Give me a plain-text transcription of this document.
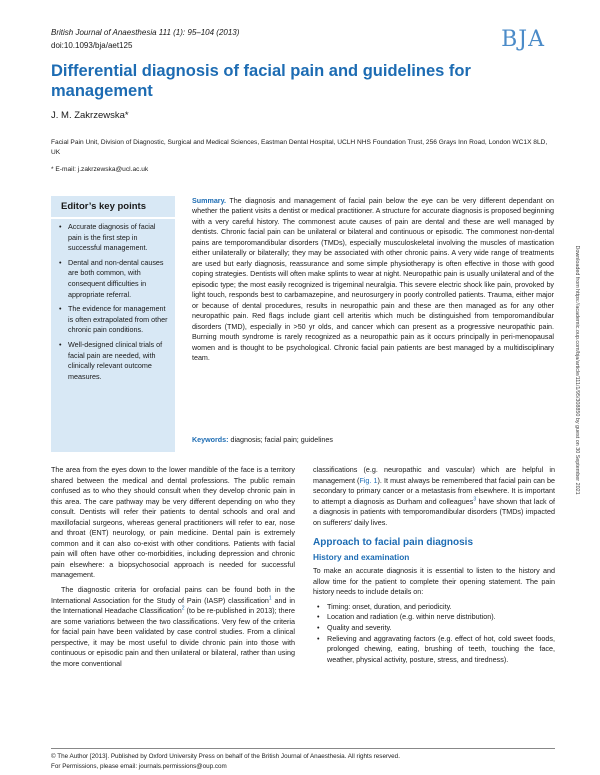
British Journal of Anaesthesia 111 (1): 95–104 (2013)
doi:10.1093/bja/aet125	BJA
Differential diagnosis of facial pain and guidelines for management
J. M. Zakrzewska*
Facial Pain Unit, Division of Diagnostic, Surgical and Medical Sciences, Eastman Dental Hospital, UCLH NHS Foundation Trust, 256 Grays Inn Road, London WC1X 8LD, UK
* E-mail: j.zakrzewska@ucl.ac.uk
Editor’s key points
• Accurate diagnosis of facial pain is the first step in successful management.
• Dental and non-dental causes are both common, with consequent difficulties in appropriate referral.
• The evidence for management is often extrapolated from other chronic pain conditions.
• Well-designed clinical trials of facial pain are needed, with clinically relevant outcome measures.
Summary. The diagnosis and management of facial pain below the eye can be very different dependant on whether the patient visits a dentist or medical practitioner. A structure for accurate diagnosis is proposed beginning with a very careful history. The commonest acute causes of pain are dental and these are well managed by dentists. Chronic facial pain can be unilateral or bilateral and continuous or episodic. The commonest non-dental pains are temporomandibular disorders (TMDs), especially musculoskeletal involving the muscles of mastication either unilaterally or bilaterally; they may be associated with other chronic pains. A very wide range of treatments are used but early diagnosis, reassurance and some simple physiotherapy is often effective in those with good coping strategies. Dentists will often make splints to wear at night. Neuropathic pain is usually unilateral and of the episodic type; the most easily recognized is trigeminal neuralgia. This severe electric shock like pain, provoked by light touch, responds best to carbamazepine, and neurosurgery in poorly controlled patients. Trauma, either major or because of dental procedures, results in neuropathic pain and these are then managed as for any other neuropathic pain. Red flags include giant cell arteritis which much be distinguished from temporomandibular disorders (TMD), especially in >50 yr olds, and cancer which can present as a progressive neuropathic pain. Burning mouth syndrome is rarely recognized as a neuropathic pain as it occurs principally in peri-menopausal women and is thought to be psychological. Chronic facial pain patients are best managed by a multidisciplinary team.
Keywords: diagnosis; facial pain; guidelines	Downloaded from https://academic.oup.com/bja/article/111/1/95/308850 by guest on 30 September 2021

The area from the eyes down to the lower mandible of the face is a territory shared between the medical and dental professions. The public remain confused as to who they should consult when they develop chronic pain in this area. The care pathway may be very different depending on who they consult. Dentists will refer their patients to dental schools and oral and maxillofacial surgeons, whereas general practitioners will refer to ear, nose and throat (ENT) neurology, or pain medicine. Dental pain is extremely common and it can also co-exist with other conditions. Patients with facial pain will often have other co-morbidities, including depression and chronic pain elsewhere: a biopsychosocial approach is needed for successful management.

The diagnostic criteria for orofacial pains can be found both in the International Association for the Study of Pain (IASP) classification$^1$ and in the International Headache Classification$^2$ (to be re-published in 2013); there are some variations between the two classifications. Very few of the criteria for facial pain have been validated by case control studies. From a clinical perspective, it may be most useful to divide chronic pain into those with continuous or episodic pain and then unilateral or bilateral, rather than using the more conventional

classifications (e.g. neuropathic and vascular) which are helpful in management (Fig. 1). It must always be remembered that facial pain can be secondary to primary cancer or a metastasis from elsewhere. It is important to attempt a diagnosis as Durham and colleagues$^3$ have shown that lack of a diagnosis in patients with temporomandibular disorders (TMDs) impacted on sufferers’ daily lives.

Approach to facial pain diagnosis
History and examination

To make an accurate diagnosis it is essential to listen to the history and allow time for the patient to complete their opening statement. The pain history needs to include details on:

• Timing: onset, duration, and periodicity.
• Location and radiation (e.g. within nerve distribution).
• Quality and severity.
• Relieving and aggravating factors (e.g. effect of hot, cold sweet foods, prolonged chewing, eating, brushing of teeth, touching the face, weather, physical activity, posture, stress, and tiredness).
© The Author [2013]. Published by Oxford University Press on behalf of the British Journal of Anaesthesia. All rights reserved.
For Permissions, please email: journals.permissions@oup.com
